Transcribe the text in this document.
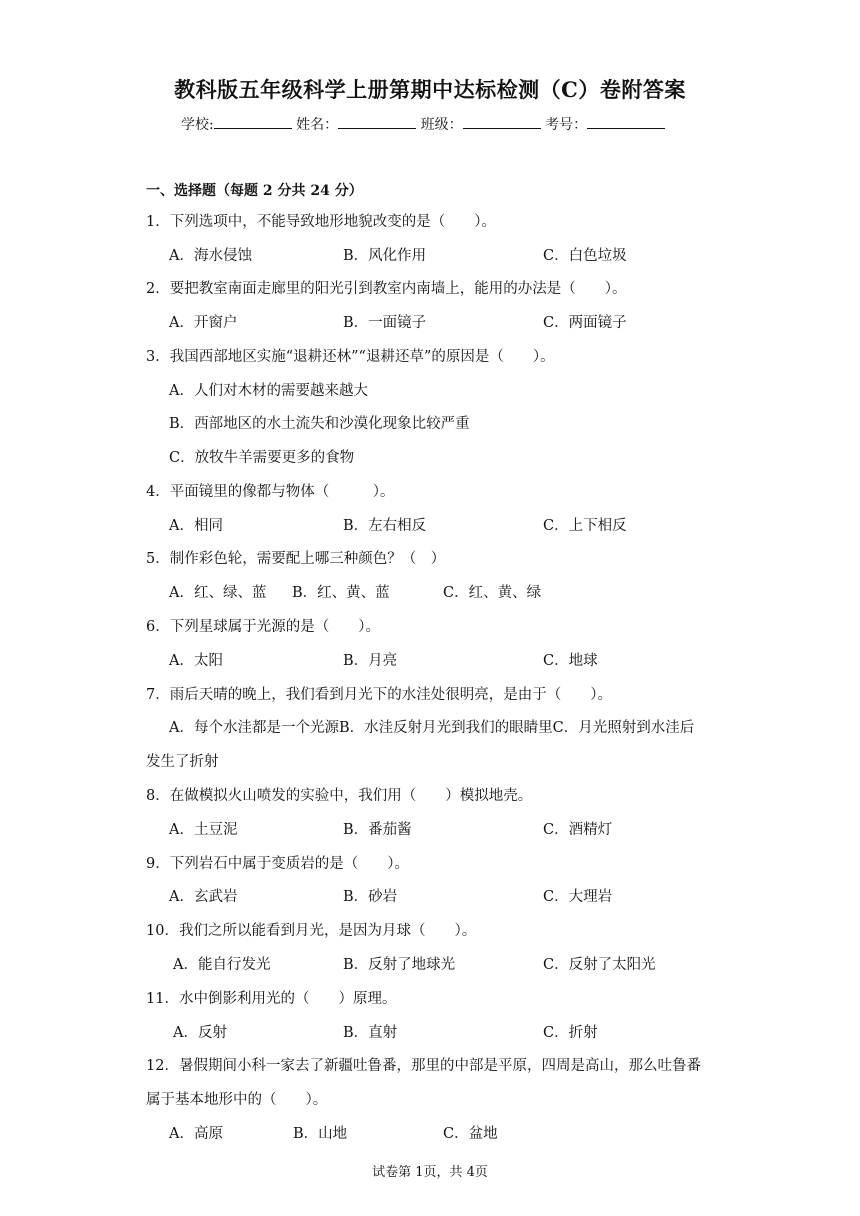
教科版五年级科学上册第期中达标检测（C）卷附答案
学校:	姓名：	班级：	考号：
一、选择题（每题 2 分共 24 分）
1．下列选项中，不能导致地形地貌改变的是（　　）。
A．海水侵蚀	B．风化作用	C．白色垃圾
2．要把教室南面走廊里的阳光引到教室内南墙上，能用的办法是（　　）。
A．开窗户	B．一面镜子	C．两面镜子
3．我国西部地区实施“退耕还林”“退耕还草”的原因是（　　）。
A．人们对木材的需要越来越大
B．西部地区的水土流失和沙漠化现象比较严重
C．放牧牛羊需要更多的食物
4．平面镜里的像都与物体（　　　）。
A．相同	B．左右相反	C．上下相反
5．制作彩色轮，需要配上哪三种颜色？（　）
A．红、绿、蓝 B．红、黄、蓝	C．红、黄、绿
6．下列星球属于光源的是（　　）。
A．太阳	B．月亮	C．地球
7．雨后天晴的晚上，我们看到月光下的水洼处很明亮，是由于（　　）。
A．每个水洼都是一个光源B．水洼反射月光到我们的眼睛里C．月光照射到水洼后
发生了折射
8．在做模拟火山喷发的实验中，我们用（　　）模拟地壳。
A．土豆泥	B．番茄酱	C．酒精灯
9．下列岩石中属于变质岩的是（　　）。
A．玄武岩	B．砂岩	C．大理岩
10．我们之所以能看到月光，是因为月球（　　）。
A．能自行发光	B．反射了地球光	C．反射了太阳光
11．水中倒影利用光的（　　）原理。
A．反射	B．直射	C．折射
12．暑假期间小科一家去了新疆吐鲁番，那里的中部是平原，四周是高山，那么吐鲁番
属于基本地形中的（　　）。
A．高原	B．山地	C．盆地
试卷第 1页，共 4页
